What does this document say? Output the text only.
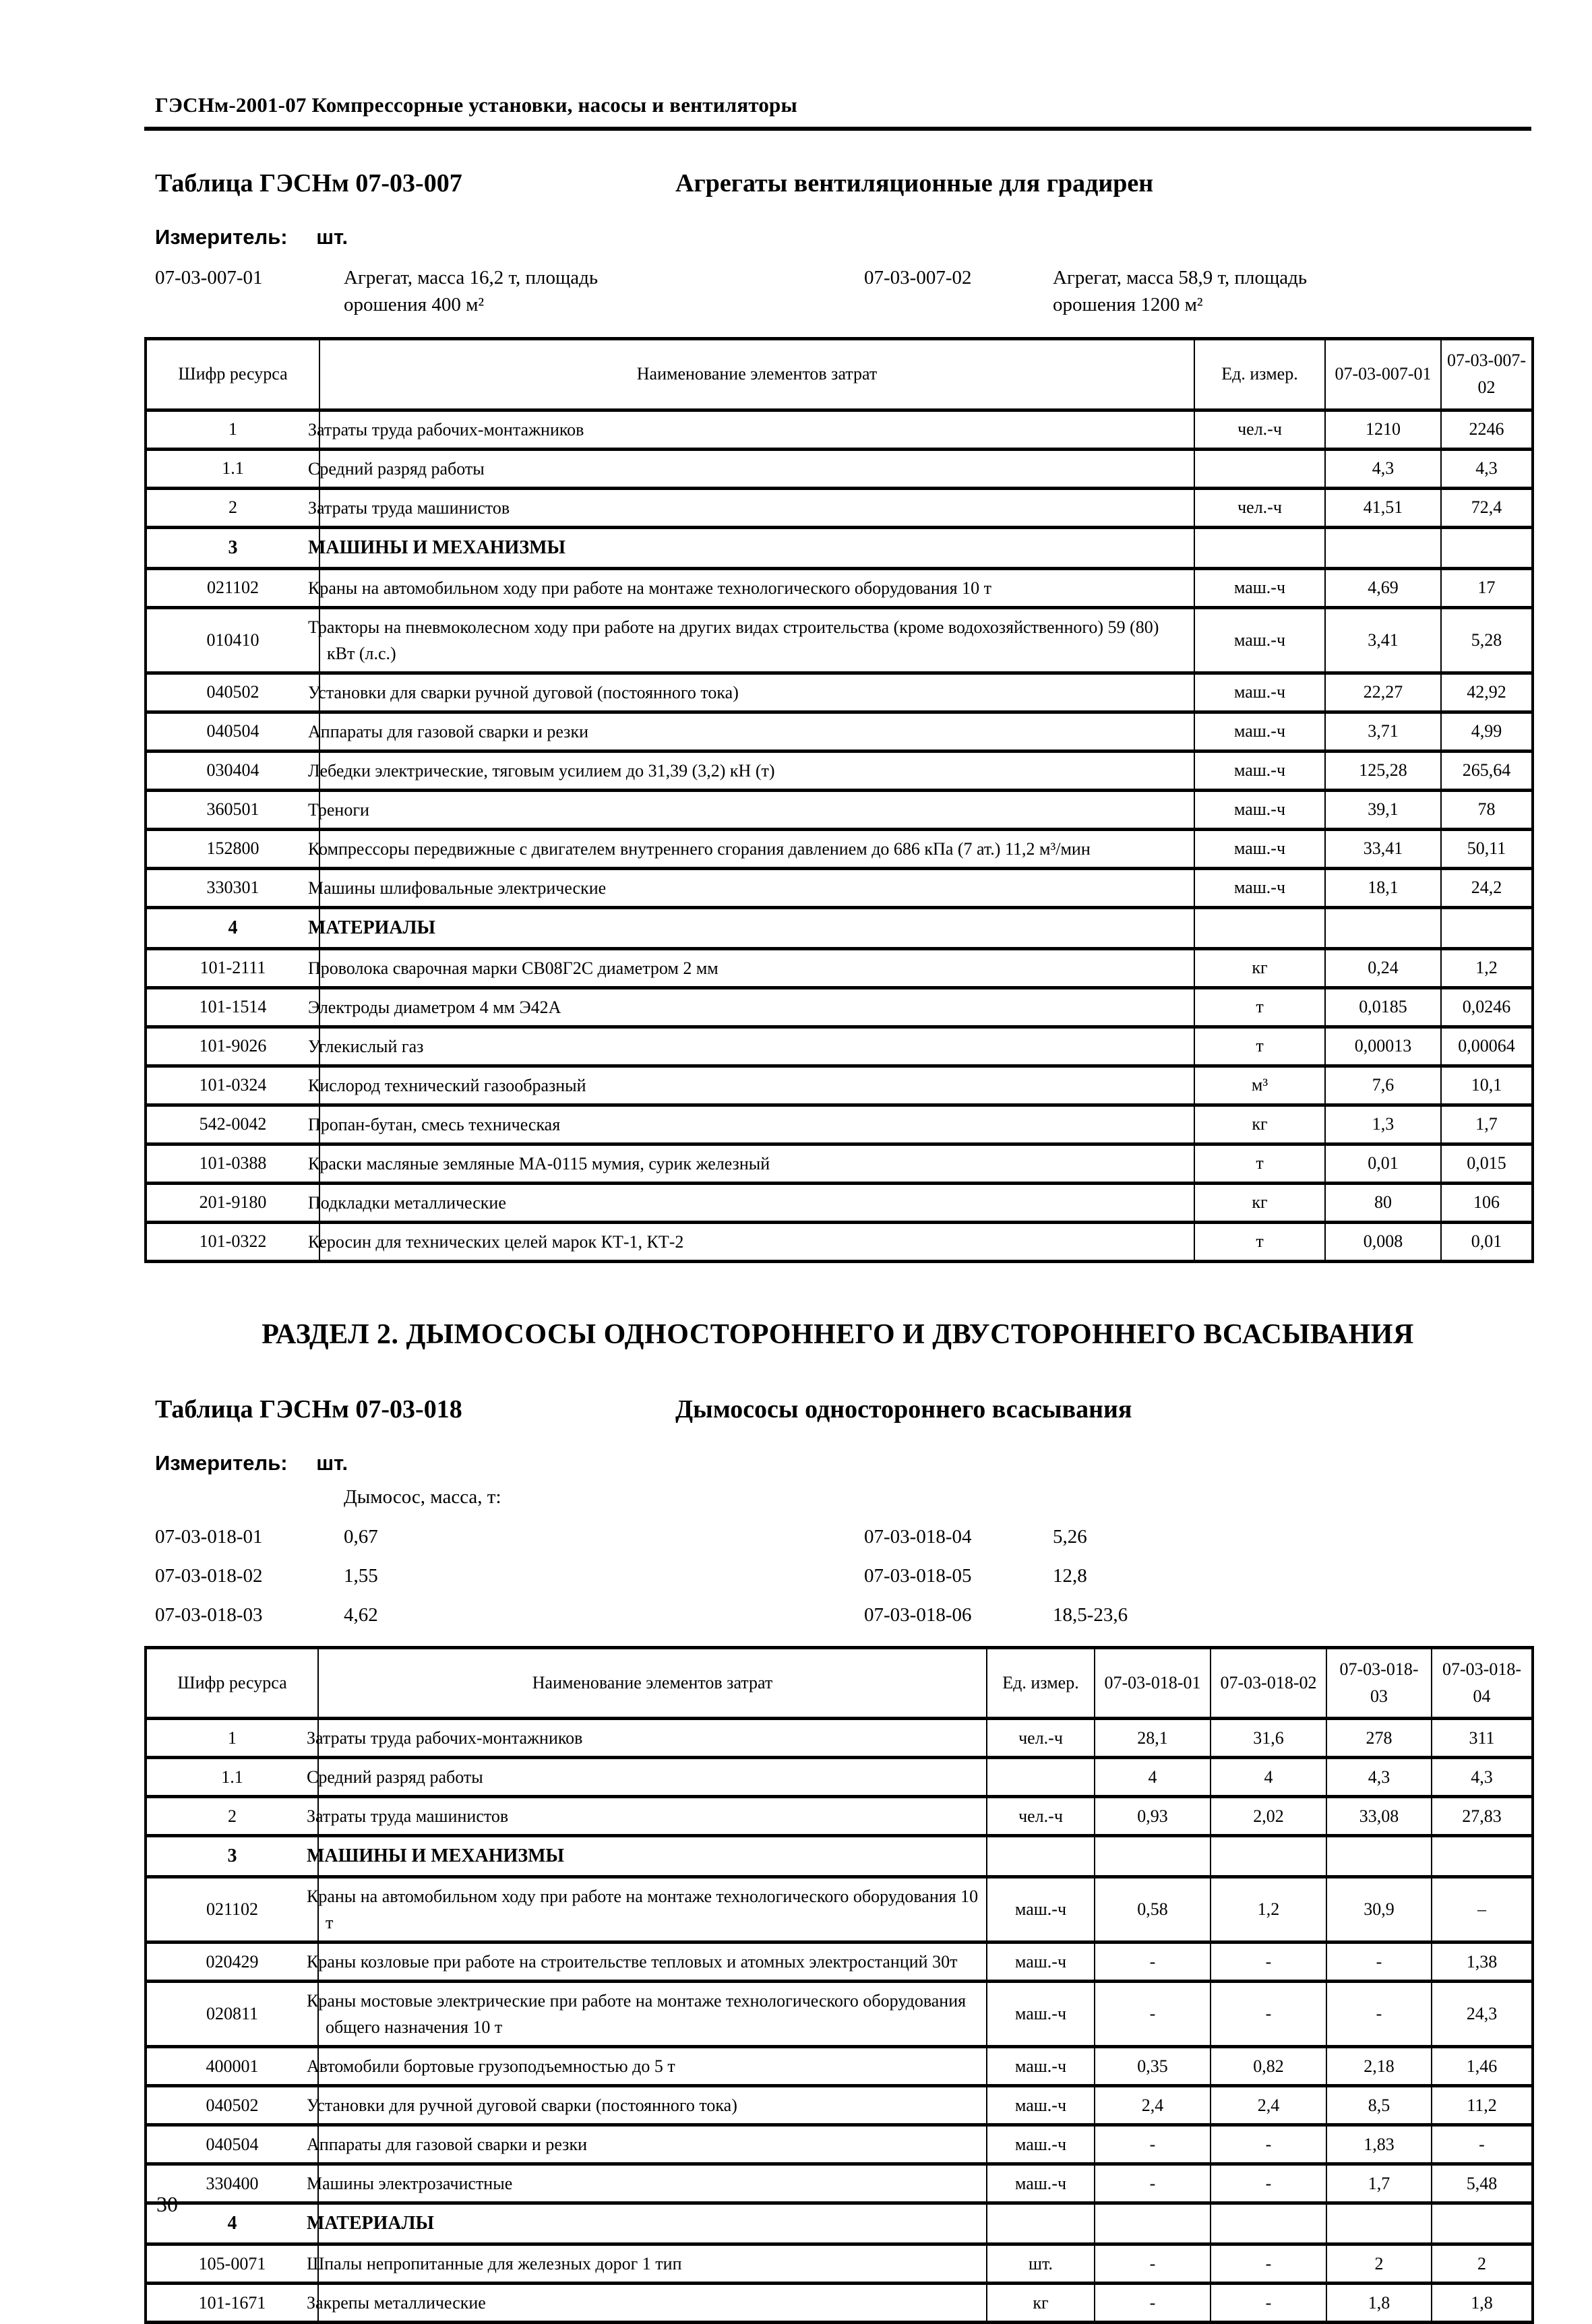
ГЭСНм-2001-07 Компрессорные установки, насосы и вентиляторы
Таблица ГЭСНм 07-03-007	Агрегаты вентиляционные для градирен
Измеритель: шт.
07-03-007-01	Агрегат, масса 16,2 т, площадь орошения 400 м²
07-03-007-02	Агрегат, масса 58,9 т, площадь орошения 1200 м²
Шифр ресурса	Наименование элементов затрат	Ед. измер.	07-03-007-01	07-03-007-02
1	Затраты труда рабочих-монтажников	чел.-ч	1210	2246
1.1	Средний разряд работы		4,3	4,3
2	Затраты труда машинистов	чел.-ч	41,51	72,4
3	МАШИНЫ И МЕХАНИЗМЫ			
021102	Краны на автомобильном ходу при работе на монтаже технологического оборудования 10 т	маш.-ч	4,69	17
010410	Тракторы на пневмоколесном ходу при работе на других видах строительства (кроме водохозяйственного) 59 (80) кВт (л.с.)	маш.-ч	3,41	5,28
040502	Установки для сварки ручной дуговой (постоянного тока)	маш.-ч	22,27	42,92
040504	Аппараты для газовой сварки и резки	маш.-ч	3,71	4,99
030404	Лебедки электрические, тяговым усилием до 31,39 (3,2) кН (т)	маш.-ч	125,28	265,64
360501	Треноги	маш.-ч	39,1	78
152800	Компрессоры передвижные с двигателем внутреннего сгорания давлением до 686 кПа (7 ат.) 11,2 м³/мин	маш.-ч	33,41	50,11
330301	Машины шлифовальные электрические	маш.-ч	18,1	24,2
4	МАТЕРИАЛЫ			
101-2111	Проволока сварочная марки СВ08Г2С диаметром 2 мм	кг	0,24	1,2
101-1514	Электроды диаметром 4 мм Э42А	т	0,0185	0,0246
101-9026	Углекислый газ	т	0,00013	0,00064
101-0324	Кислород технический газообразный	м³	7,6	10,1
542-0042	Пропан-бутан, смесь техническая	кг	1,3	1,7
101-0388	Краски масляные земляные МА-0115 мумия, сурик железный	т	0,01	0,015
201-9180	Подкладки металлические	кг	80	106
101-0322	Керосин для технических целей марок КТ-1, КТ-2	т	0,008	0,01
РАЗДЕЛ 2. ДЫМОСОСЫ ОДНОСТОРОННЕГО И ДВУСТОРОННЕГО ВСАСЫВАНИЯ
Таблица ГЭСНм 07-03-018	Дымососы одностороннего всасывания
Измеритель: шт.
Дымосос, масса, т:
07-03-018-01	0,67
07-03-018-02	1,55
07-03-018-03	4,62
07-03-018-04	5,26
07-03-018-05	12,8
07-03-018-06	18,5-23,6
Шифр ресурса	Наименование элементов затрат	Ед. измер.	07-03-018-01	07-03-018-02	07-03-018-03	07-03-018-04
1	Затраты труда рабочих-монтажников	чел.-ч	28,1	31,6	278	311
1.1	Средний разряд работы		4	4	4,3	4,3
2	Затраты труда машинистов	чел.-ч	0,93	2,02	33,08	27,83
3	МАШИНЫ И МЕХАНИЗМЫ					
021102	Краны на автомобильном ходу при работе на монтаже технологического оборудования 10 т	маш.-ч	0,58	1,2	30,9	–
020429	Краны козловые при работе на строительстве тепловых и атомных электростанций 30т	маш.-ч	-	-	-	1,38
020811	Краны мостовые электрические при работе на монтаже технологического оборудования общего назначения 10 т	маш.-ч	-	-	-	24,3
400001	Автомобили бортовые грузоподъемностью до 5 т	маш.-ч	0,35	0,82	2,18	1,46
040502	Установки для ручной дуговой сварки (постоянного тока)	маш.-ч	2,4	2,4	8,5	11,2
040504	Аппараты для газовой сварки и резки	маш.-ч	-	-	1,83	-
330400	Машины электрозачистные	маш.-ч	-	-	1,7	5,48
4	МАТЕРИАЛЫ					
105-0071	Шпалы непропитанные для железных дорог 1 тип	шт.	-	-	2	2
101-1671	Закрепы металлические	кг	-	-	1,8	1,8
30
